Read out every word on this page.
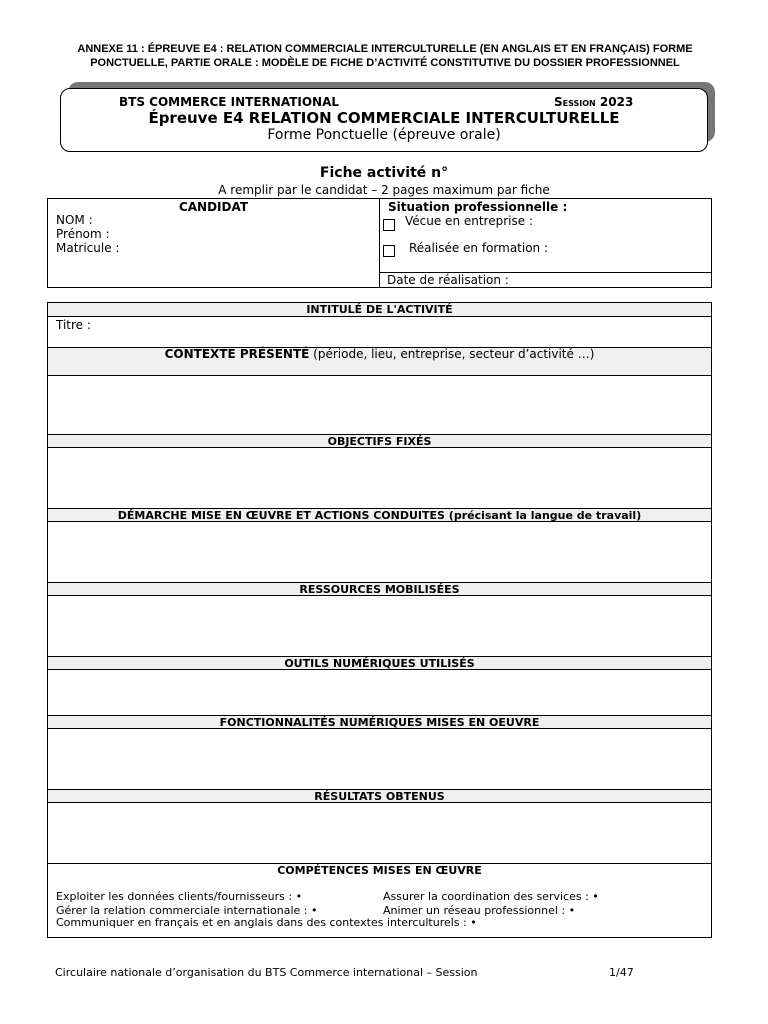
ANNEXE 11 : ÉPREUVE E4 : RELATION COMMERCIALE INTERCULTURELLE (EN ANGLAIS ET EN FRANÇAIS) FORME
PONCTUELLE, PARTIE ORALE : MODÈLE DE FICHE D’ACTIVITÉ CONSTITUTIVE DU DOSSIER PROFESSIONNEL
BTS COMMERCE INTERNATIONAL	Session 2023
Épreuve E4 RELATION COMMERCIALE INTERCULTURELLE
Forme Ponctuelle (épreuve orale)
Fiche activité n°
A remplir par le candidat – 2 pages maximum par fiche
CANDIDAT
NOM :
Prénom :
Matricule :
Situation professionnelle :
Vécue en entreprise :
Réalisée en formation :
Date de réalisation :
INTITULÉ DE L'ACTIVITÉ
Titre :
CONTEXTE PRÉSENTÉ (période, lieu, entreprise, secteur d’activité …)
OBJECTIFS FIXÉS
DÉMARCHE MISE EN ŒUVRE ET ACTIONS CONDUITES (précisant la langue de travail)
RESSOURCES MOBILISÉES
OUTILS NUMÉRIQUES UTILISÉS
FONCTIONNALITÉS NUMÉRIQUES MISES EN OEUVRE
RÉSULTATS OBTENUS
COMPÉTENCES MISES EN ŒUVRE
Exploiter les données clients/fournisseurs : •	Assurer la coordination des services : •
Gérer la relation commerciale internationale : •	Animer un réseau professionnel : •
Communiquer en français et en anglais dans des contextes interculturels : •
Circulaire nationale d’organisation du BTS Commerce international – Session	1/47
